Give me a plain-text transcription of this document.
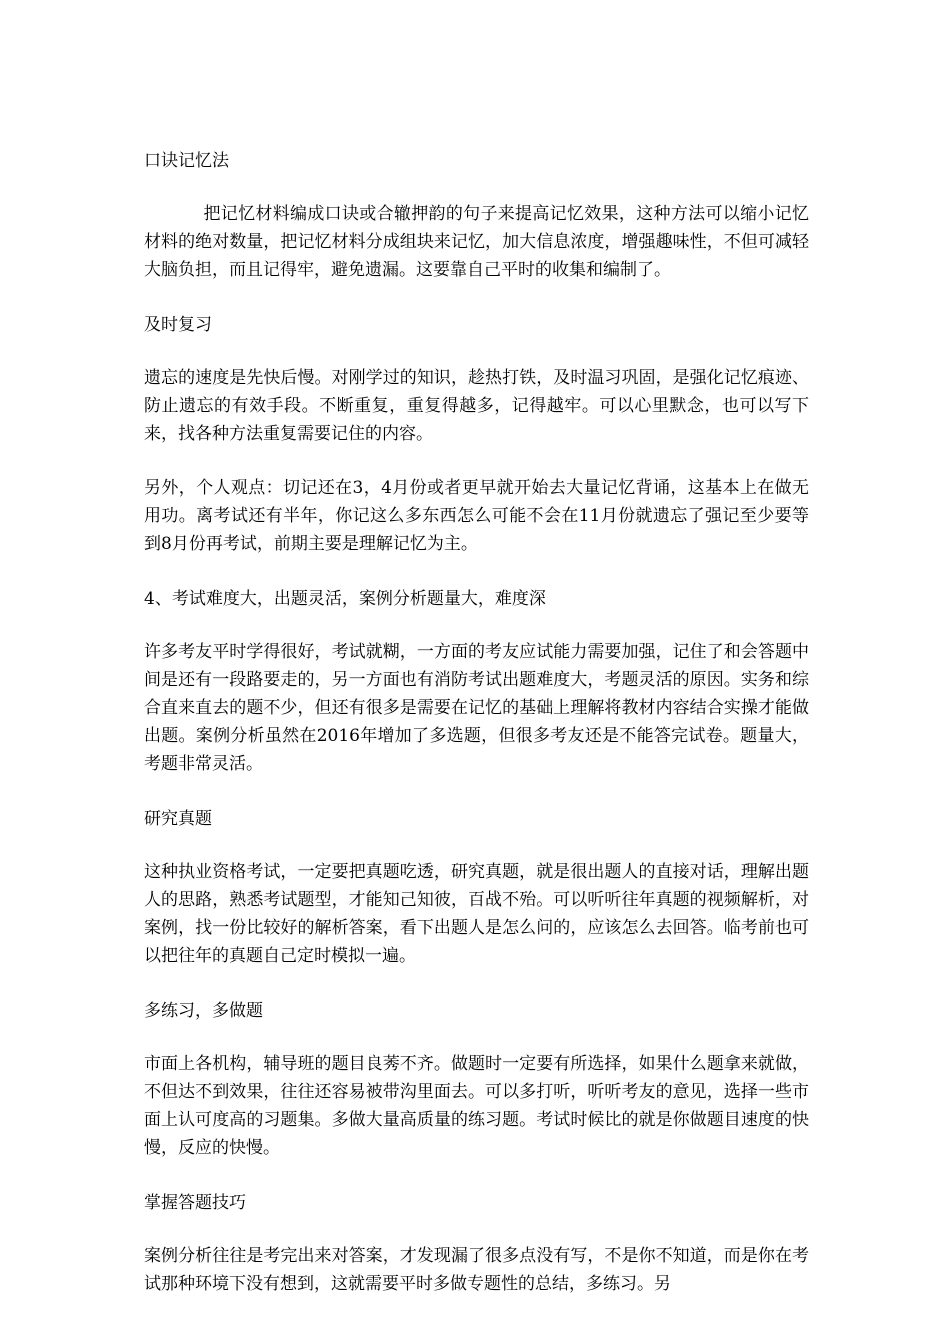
口诀记忆法

把记忆材料编成口诀或合辙押韵的句子来提高记忆效果，这种方法可以缩小记忆材料的绝对数量，把记忆材料分成组块来记忆，加大信息浓度，增强趣味性，不但可减轻大脑负担，而且记得牢，避免遗漏。这要靠自己平时的收集和编制了。

及时复习

遗忘的速度是先快后慢。对刚学过的知识，趁热打铁，及时温习巩固，是强化记忆痕迹、防止遗忘的有效手段。不断重复，重复得越多，记得越牢。可以心里默念，也可以写下来，找各种方法重复需要记住的内容。

另外，个人观点：切记还在3，4月份或者更早就开始去大量记忆背诵，这基本上在做无用功。离考试还有半年，你记这么多东西怎么可能不会在11月份就遗忘了强记至少要等到8月份再考试，前期主要是理解记忆为主。

4、考试难度大，出题灵活，案例分析题量大，难度深

许多考友平时学得很好，考试就糊，一方面的考友应试能力需要加强，记住了和会答题中间是还有一段路要走的，另一方面也有消防考试出题难度大，考题灵活的原因。实务和综合直来直去的题不少，但还有很多是需要在记忆的基础上理解将教材内容结合实操才能做出题。案例分析虽然在2016年增加了多选题，但很多考友还是不能答完试卷。题量大，考题非常灵活。

研究真题

这种执业资格考试，一定要把真题吃透，研究真题，就是很出题人的直接对话，理解出题人的思路，熟悉考试题型，才能知己知彼，百战不殆。可以听听往年真题的视频解析，对案例，找一份比较好的解析答案，看下出题人是怎么问的，应该怎么去回答。临考前也可以把往年的真题自己定时模拟一遍。

多练习，多做题

市面上各机构，辅导班的题目良莠不齐。做题时一定要有所选择，如果什么题拿来就做，不但达不到效果，往往还容易被带沟里面去。可以多打听，听听考友的意见，选择一些市面上认可度高的习题集。多做大量高质量的练习题。考试时候比的就是你做题目速度的快慢，反应的快慢。

掌握答题技巧

案例分析往往是考完出来对答案，才发现漏了很多点没有写，不是你不知道，而是你在考试那种环境下没有想到，这就需要平时多做专题性的总结，多练习。另
